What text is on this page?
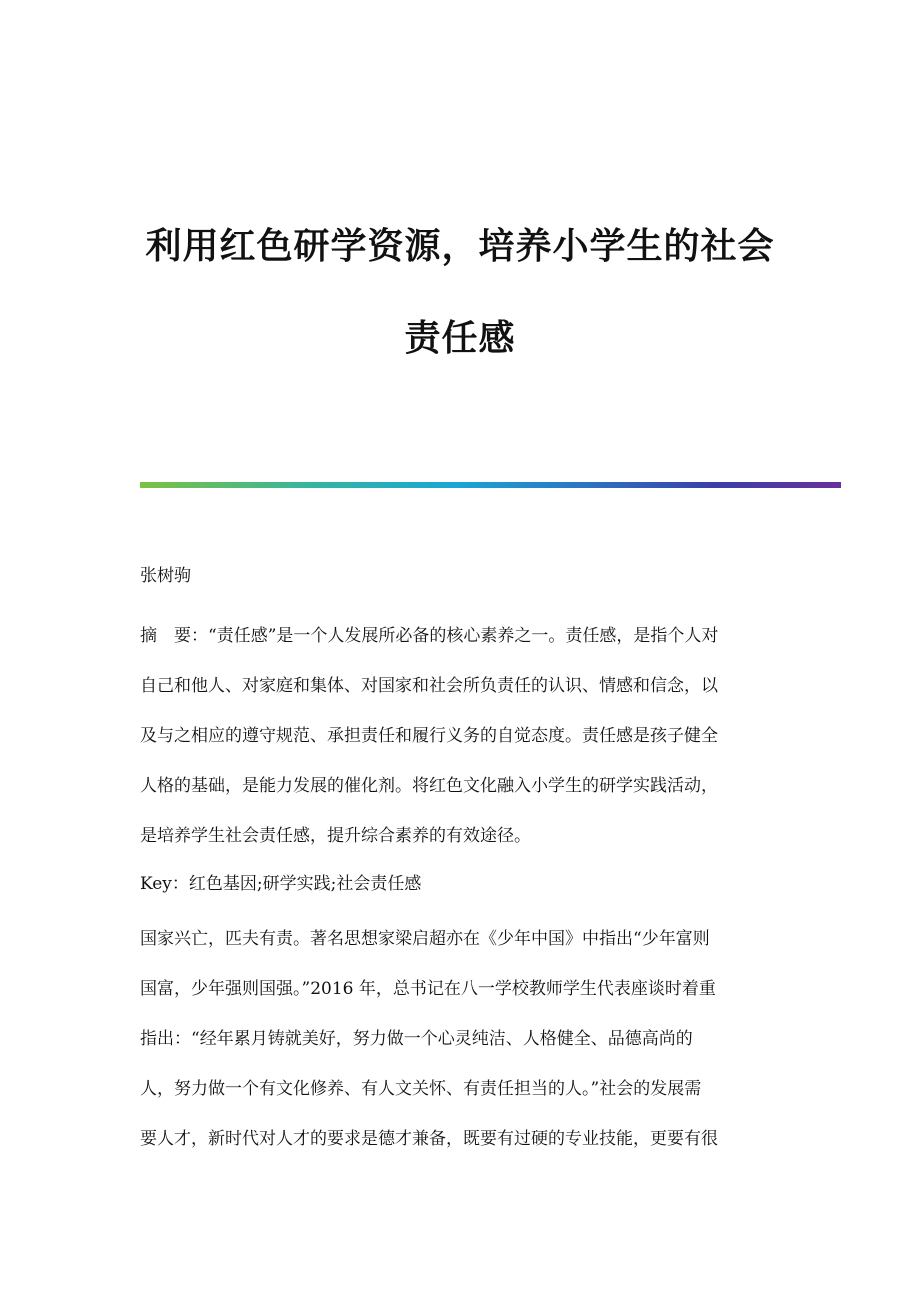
利用红色研学资源，培养小学生的社会
责任感
张树驹
摘　要：“责任感”是一个人发展所必备的核心素养之一。责任感，是指个人对
自己和他人、对家庭和集体、对国家和社会所负责任的认识、情感和信念，以
及与之相应的遵守规范、承担责任和履行义务的自觉态度。责任感是孩子健全
人格的基础，是能力发展的催化剂。将红色文化融入小学生的研学实践活动，
是培养学生社会责任感，提升综合素养的有效途径。
Key：红色基因;研学实践;社会责任感
国家兴亡，匹夫有责。著名思想家梁启超亦在《少年中国》中指出“少年富则
国富，少年强则国强。”2016 年，总书记在八一学校教师学生代表座谈时着重
指出：“经年累月铸就美好，努力做一个心灵纯洁、人格健全、品德高尚的
人，努力做一个有文化修养、有人文关怀、有责任担当的人。”社会的发展需
要人才，新时代对人才的要求是德才兼备，既要有过硬的专业技能，更要有很
